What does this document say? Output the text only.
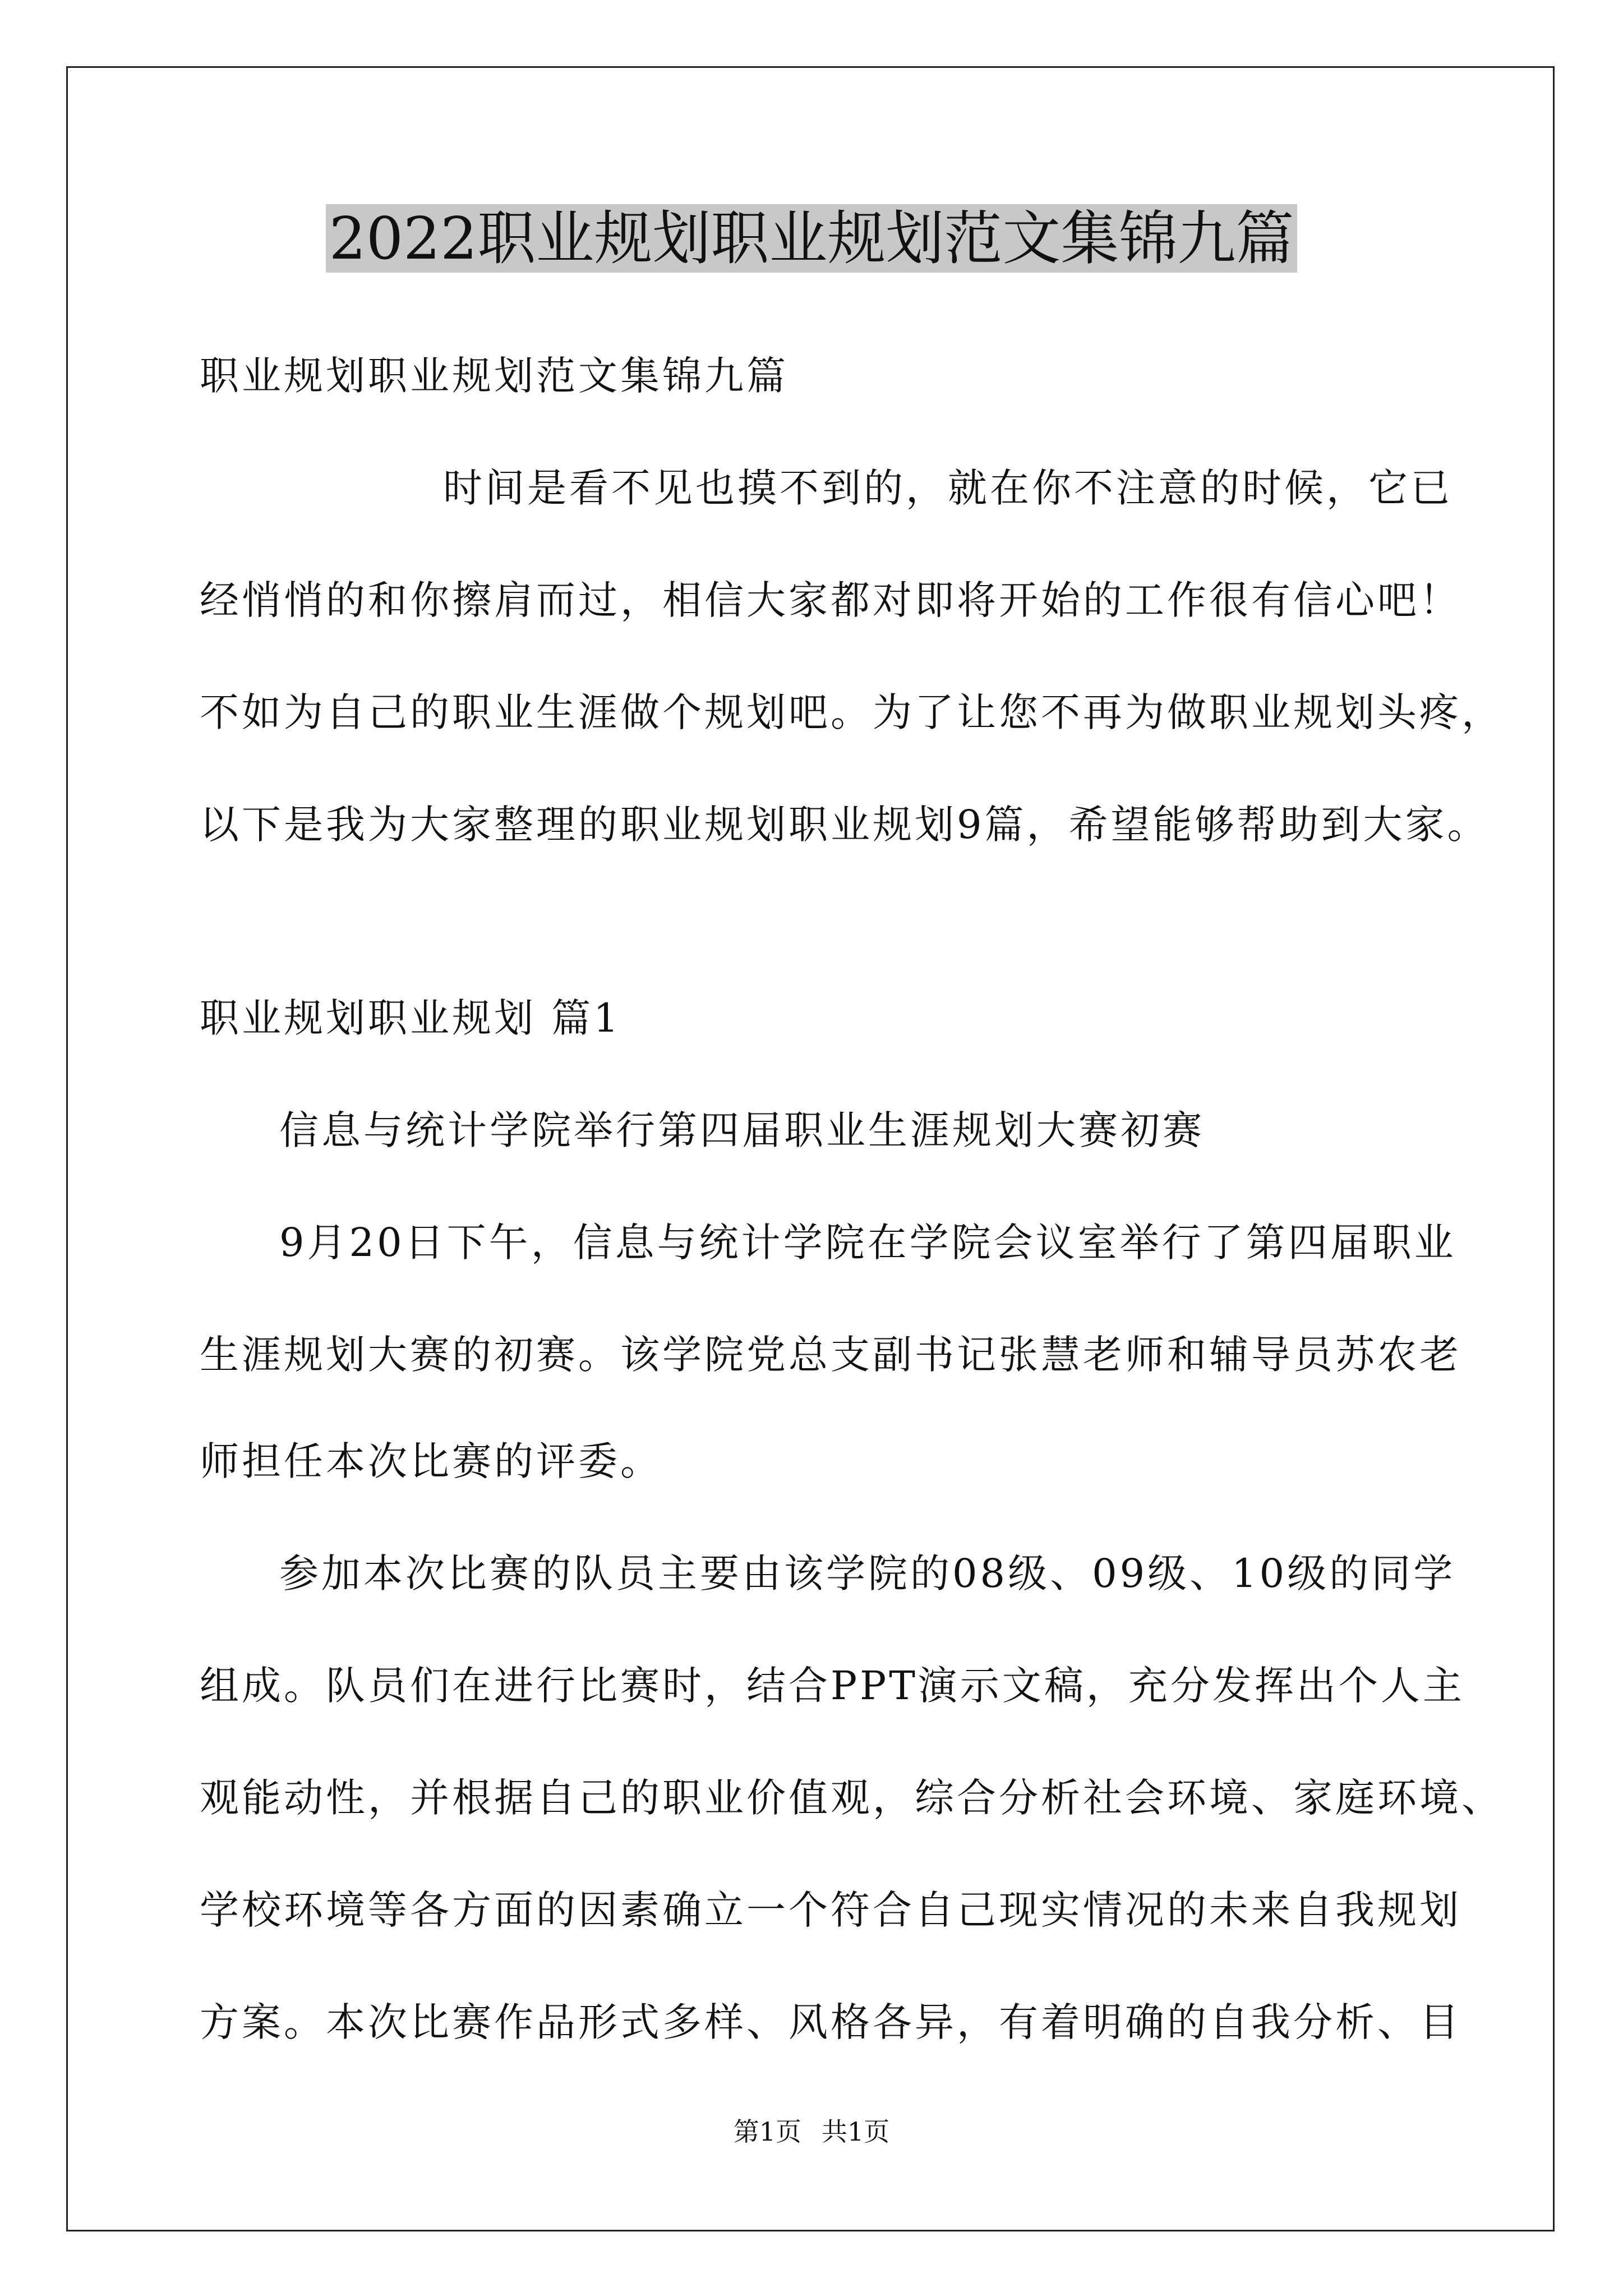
2022职业规划职业规划范文集锦九篇

职业规划职业规划范文集锦九篇

时间是看不见也摸不到的，就在你不注意的时候，它已

经悄悄的和你擦肩而过，相信大家都对即将开始的工作很有信心吧！

不如为自己的职业生涯做个规划吧。为了让您不再为做职业规划头疼，

以下是我为大家整理的职业规划职业规划9篇，希望能够帮助到大家。

职业规划职业规划 篇1

信息与统计学院举行第四届职业生涯规划大赛初赛

9月20日下午，信息与统计学院在学院会议室举行了第四届职业

生涯规划大赛的初赛。该学院党总支副书记张慧老师和辅导员苏农老

师担任本次比赛的评委。

参加本次比赛的队员主要由该学院的08级、09级、10级的同学

组成。队员们在进行比赛时，结合PPT演示文稿，充分发挥出个人主

观能动性，并根据自己的职业价值观，综合分析社会环境、家庭环境、

学校环境等各方面的因素确立一个符合自己现实情况的未来自我规划

方案。本次比赛作品形式多样、风格各异，有着明确的自我分析、目

第1页 共1页
